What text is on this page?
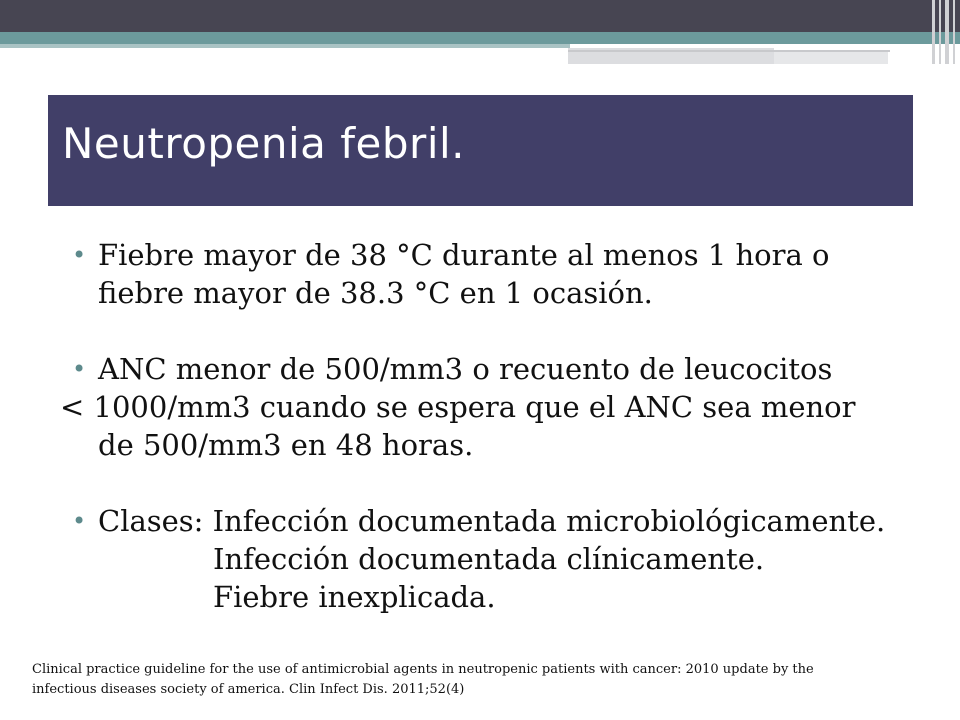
Neutropenia febril.

• Fiebre mayor de 38 °C durante al menos 1 hora o

fiebre mayor de 38.3 °C en 1 ocasión.

• ANC menor de 500/mm3 o recuento de leucocitos

< 1000/mm3 cuando se espera que el ANC sea menor

de 500/mm3 en 48 horas.

• Clases: Infección documentada microbiológicamente.

Infección documentada clínicamente.

Fiebre inexplicada.

Clinical practice guideline for the use of antimicrobial agents in neutropenic patients with cancer: 2010 update by the
infectious diseases society of america. Clin Infect Dis. 2011;52(4)
